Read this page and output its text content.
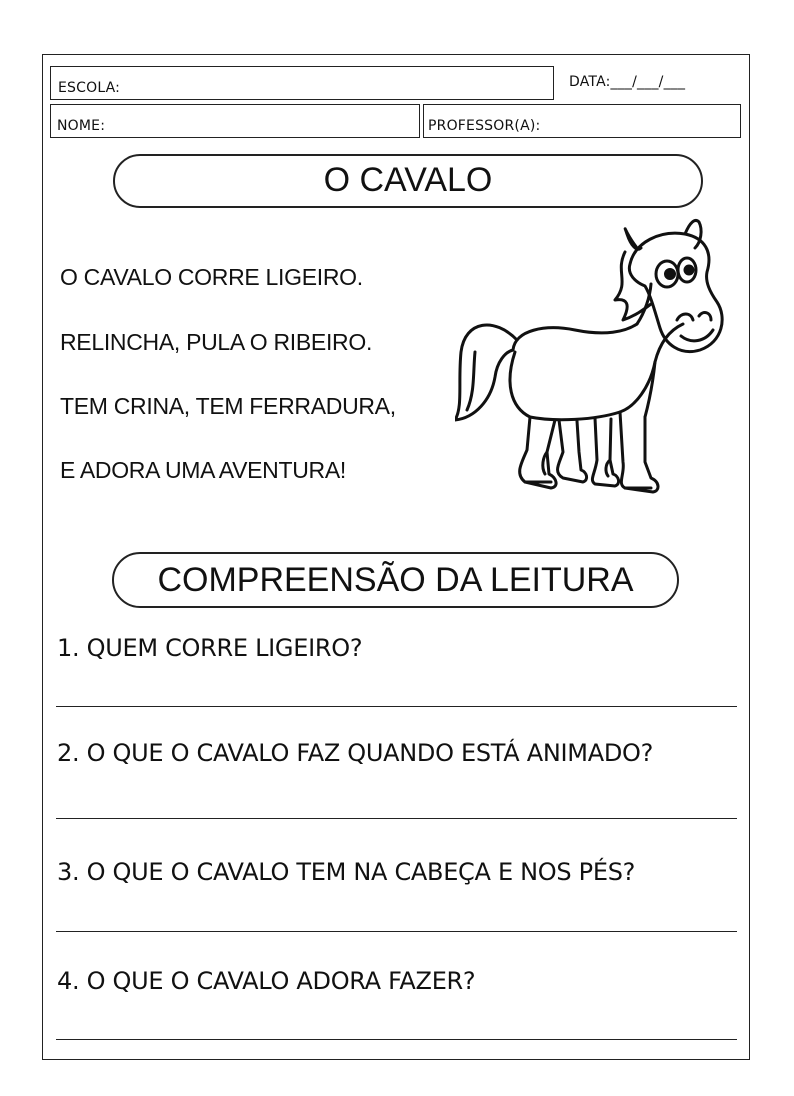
ESCOLA:	DATA:___/___/___
NOME:	PROFESSOR(A):
O CAVALO
O CAVALO CORRE LIGEIRO.
RELINCHA, PULA O RIBEIRO.
TEM CRINA, TEM FERRADURA,
E ADORA UMA AVENTURA!
COMPREENSÃO DA LEITURA
1. QUEM CORRE LIGEIRO?
2. O QUE O CAVALO FAZ QUANDO ESTÁ ANIMADO?
3. O QUE O CAVALO TEM NA CABEÇA E NOS PÉS?
4. O QUE O CAVALO ADORA FAZER?
